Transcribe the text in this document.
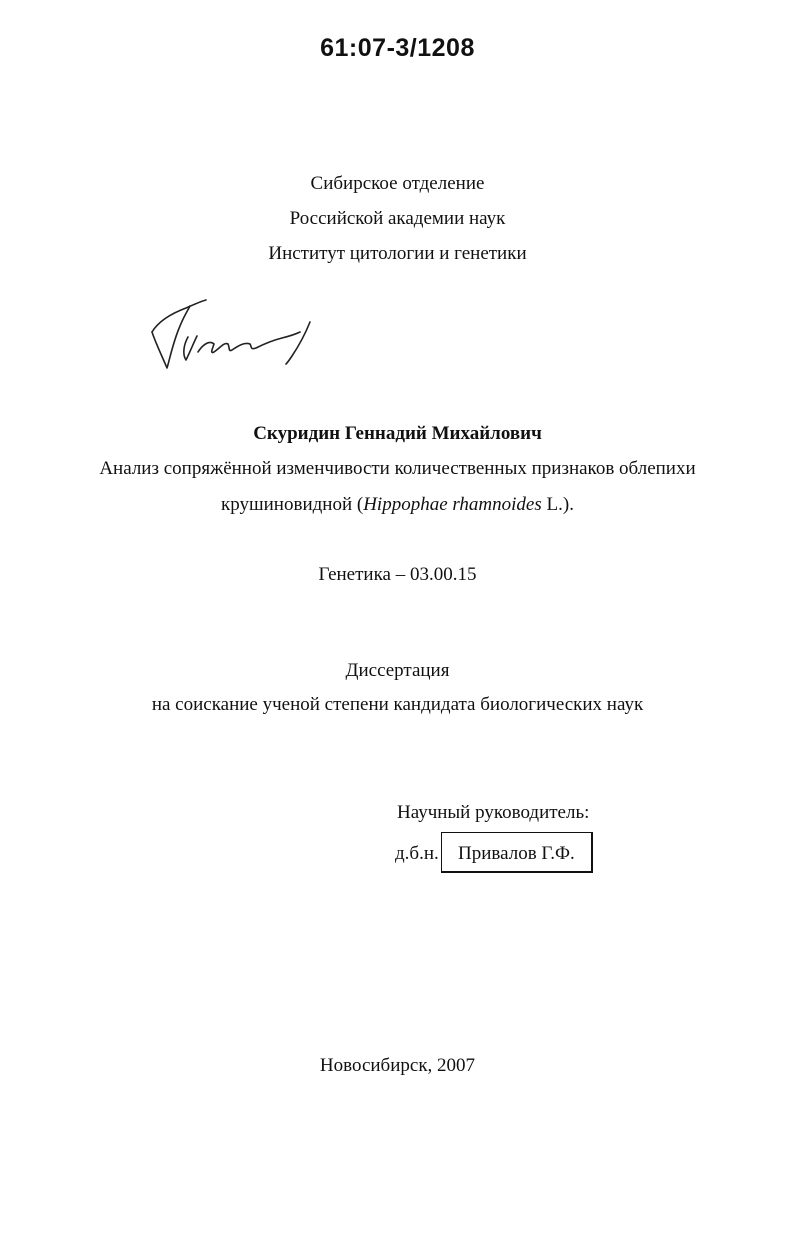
61:07-3/1208
Сибирское отделение
Российской академии наук
Институт цитологии и генетики
Скуридин Геннадий Михайлович
Анализ сопряжённой изменчивости количественных признаков облепихи
крушиновидной (Hippophae rhamnoides L.).
Генетика – 03.00.15
Диссертация
на соискание ученой степени кандидата биологических наук
Научный руководитель:
д.б.н.	Привалов Г.Ф.
Новосибирск, 2007
